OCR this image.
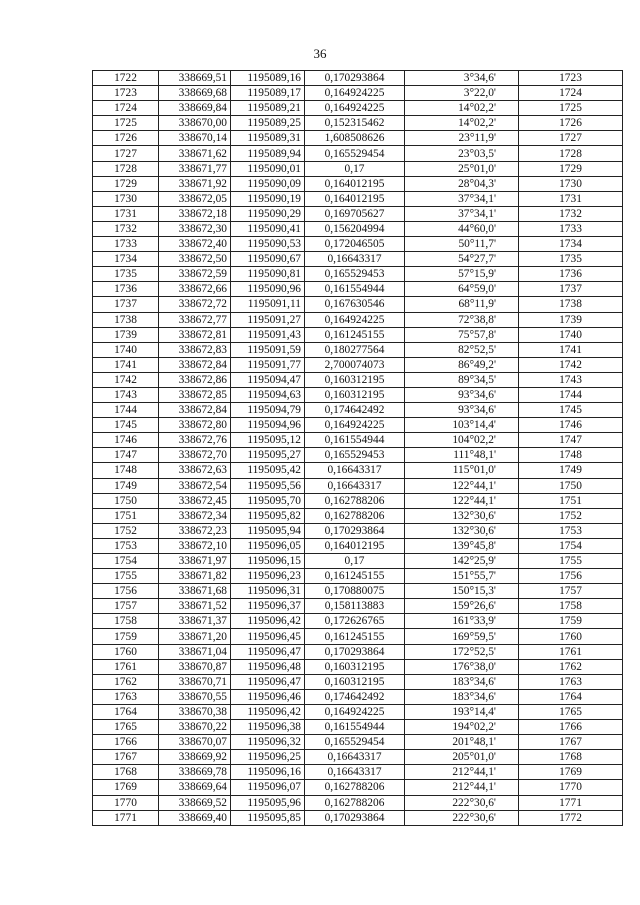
36
1722	338669,51	1195089,16	0,170293864	3°34,6'	1723
1723	338669,68	1195089,17	0,164924225	3°22,0'	1724
1724	338669,84	1195089,21	0,164924225	14°02,2'	1725
1725	338670,00	1195089,25	0,152315462	14°02,2'	1726
1726	338670,14	1195089,31	1,608508626	23°11,9'	1727
1727	338671,62	1195089,94	0,165529454	23°03,5'	1728
1728	338671,77	1195090,01	0,17	25°01,0'	1729
1729	338671,92	1195090,09	0,164012195	28°04,3'	1730
1730	338672,05	1195090,19	0,164012195	37°34,1'	1731
1731	338672,18	1195090,29	0,169705627	37°34,1'	1732
1732	338672,30	1195090,41	0,156204994	44°60,0'	1733
1733	338672,40	1195090,53	0,172046505	50°11,7'	1734
1734	338672,50	1195090,67	0,16643317	54°27,7'	1735
1735	338672,59	1195090,81	0,165529453	57°15,9'	1736
1736	338672,66	1195090,96	0,161554944	64°59,0'	1737
1737	338672,72	1195091,11	0,167630546	68°11,9'	1738
1738	338672,77	1195091,27	0,164924225	72°38,8'	1739
1739	338672,81	1195091,43	0,161245155	75°57,8'	1740
1740	338672,83	1195091,59	0,180277564	82°52,5'	1741
1741	338672,84	1195091,77	2,700074073	86°49,2'	1742
1742	338672,86	1195094,47	0,160312195	89°34,5'	1743
1743	338672,85	1195094,63	0,160312195	93°34,6'	1744
1744	338672,84	1195094,79	0,174642492	93°34,6'	1745
1745	338672,80	1195094,96	0,164924225	103°14,4'	1746
1746	338672,76	1195095,12	0,161554944	104°02,2'	1747
1747	338672,70	1195095,27	0,165529453	111°48,1'	1748
1748	338672,63	1195095,42	0,16643317	115°01,0'	1749
1749	338672,54	1195095,56	0,16643317	122°44,1'	1750
1750	338672,45	1195095,70	0,162788206	122°44,1'	1751
1751	338672,34	1195095,82	0,162788206	132°30,6'	1752
1752	338672,23	1195095,94	0,170293864	132°30,6'	1753
1753	338672,10	1195096,05	0,164012195	139°45,8'	1754
1754	338671,97	1195096,15	0,17	142°25,9'	1755
1755	338671,82	1195096,23	0,161245155	151°55,7'	1756
1756	338671,68	1195096,31	0,170880075	150°15,3'	1757
1757	338671,52	1195096,37	0,158113883	159°26,6'	1758
1758	338671,37	1195096,42	0,172626765	161°33,9'	1759
1759	338671,20	1195096,45	0,161245155	169°59,5'	1760
1760	338671,04	1195096,47	0,170293864	172°52,5'	1761
1761	338670,87	1195096,48	0,160312195	176°38,0'	1762
1762	338670,71	1195096,47	0,160312195	183°34,6'	1763
1763	338670,55	1195096,46	0,174642492	183°34,6'	1764
1764	338670,38	1195096,42	0,164924225	193°14,4'	1765
1765	338670,22	1195096,38	0,161554944	194°02,2'	1766
1766	338670,07	1195096,32	0,165529454	201°48,1'	1767
1767	338669,92	1195096,25	0,16643317	205°01,0'	1768
1768	338669,78	1195096,16	0,16643317	212°44,1'	1769
1769	338669,64	1195096,07	0,162788206	212°44,1'	1770
1770	338669,52	1195095,96	0,162788206	222°30,6'	1771
1771	338669,40	1195095,85	0,170293864	222°30,6'	1772
